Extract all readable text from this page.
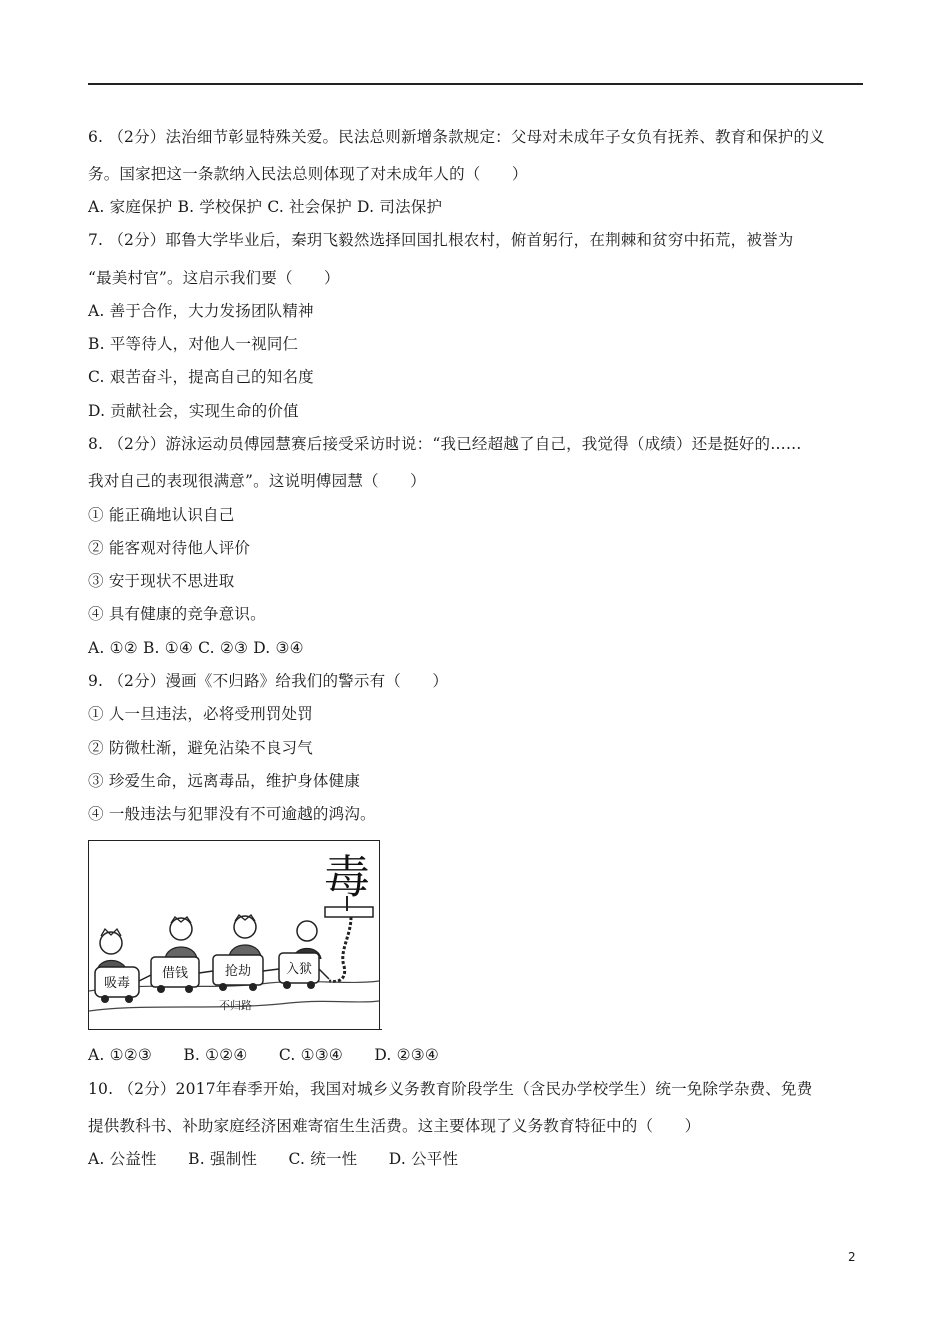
6. （2分）法治细节彰显特殊关爱。民法总则新增条款规定：父母对未成年子女负有抚养、教育和保护的义
务。国家把这一条款纳入民法总则体现了对未成年人的（　　）
A. 家庭保护 B. 学校保护 C. 社会保护 D. 司法保护
7. （2分）耶鲁大学毕业后，秦玥飞毅然选择回国扎根农村，俯首躬行，在荆棘和贫穷中拓荒，被誉为
“最美村官”。这启示我们要（　　）
A. 善于合作，大力发扬团队精神
B. 平等待人，对他人一视同仁
C. 艰苦奋斗，提高自己的知名度
D. 贡献社会，实现生命的价值
8. （2分）游泳运动员傅园慧赛后接受采访时说：“我已经超越了自己，我觉得（成绩）还是挺好的……
我对自己的表现很满意”。这说明傅园慧（　　）
① 能正确地认识自己
② 能客观对待他人评价
③ 安于现状不思进取
④ 具有健康的竞争意识。
A. ①② B. ①④ C. ②③ D. ③④
9. （2分）漫画《不归路》给我们的警示有（　　）
① 人一旦违法，必将受刑罚处罚
② 防微杜渐，避免沾染不良习气
③ 珍爱生命，远离毒品，维护身体健康
④ 一般违法与犯罪没有不可逾越的鸿沟。
毒
不归路
吸毒
借钱	抢劫	入狱
A. ①②③　　B. ①②④　　C. ①③④　　D. ②③④
10. （2分）2017年春季开始，我国对城乡义务教育阶段学生（含民办学校学生）统一免除学杂费、免费
提供教科书、补助家庭经济困难寄宿生生活费。这主要体现了义务教育特征中的（　　）
A. 公益性　　B. 强制性　　C. 统一性　　D. 公平性
2
